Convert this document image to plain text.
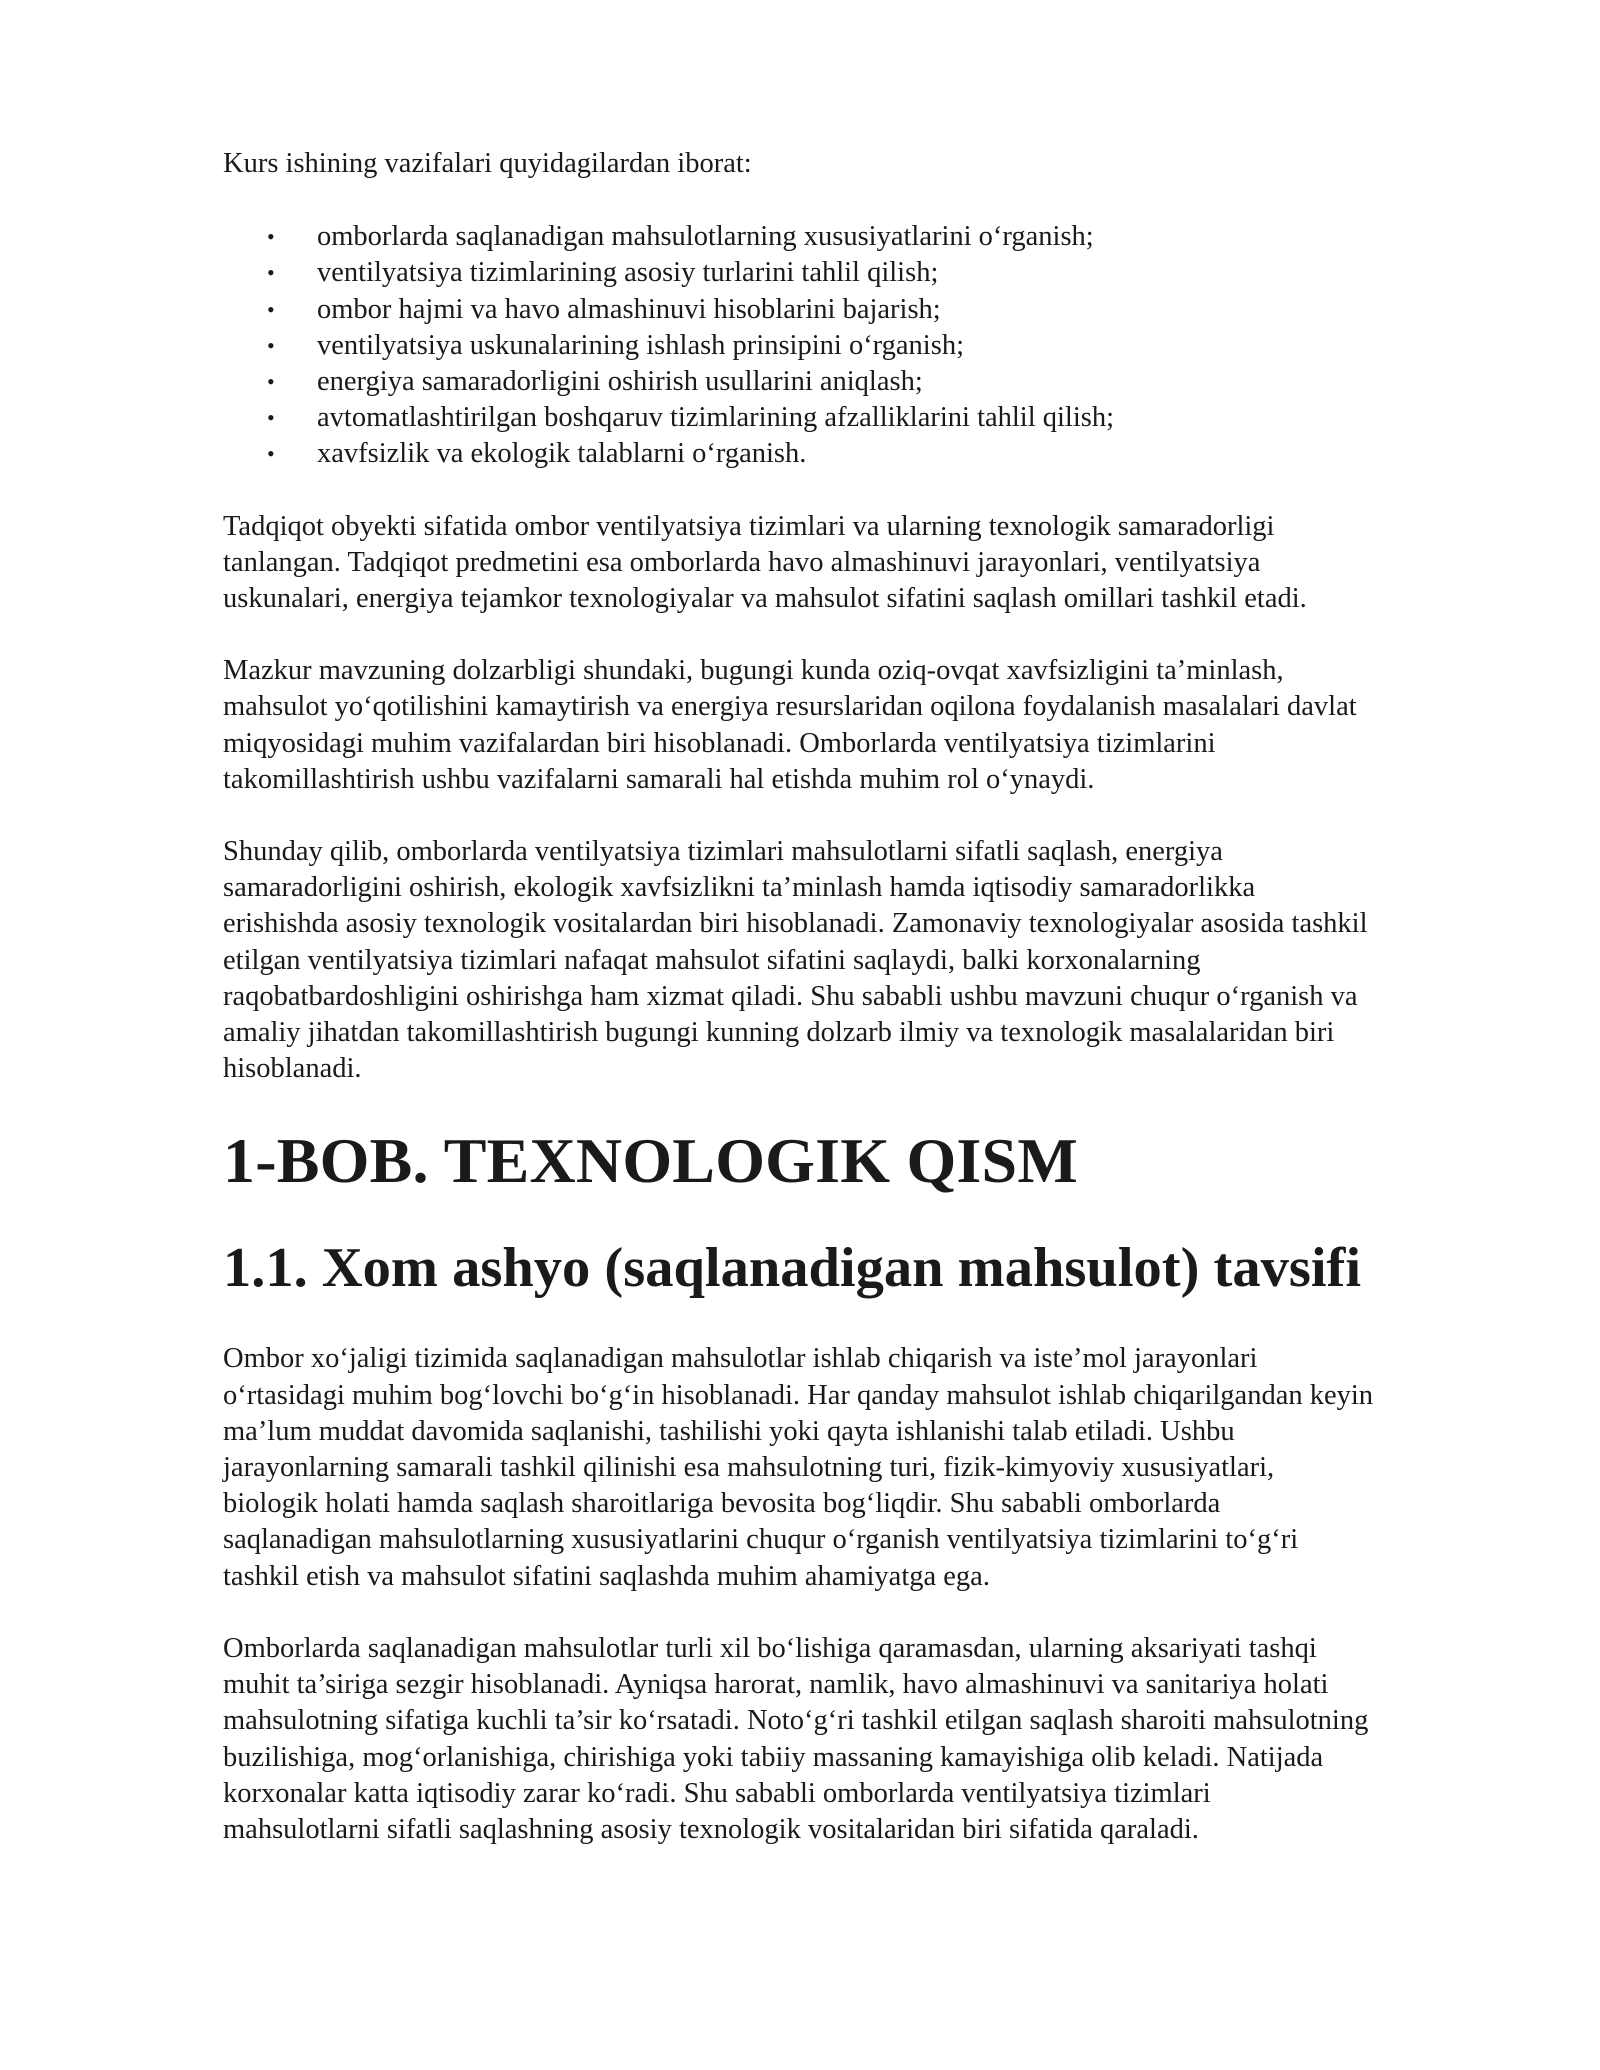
Kurs ishining vazifalari quyidagilardan iborat:

• omborlarda saqlanadigan mahsulotlarning xususiyatlarini o‘rganish;
• ventilyatsiya tizimlarining asosiy turlarini tahlil qilish;
• ombor hajmi va havo almashinuvi hisoblarini bajarish;
• ventilyatsiya uskunalarining ishlash prinsipini o‘rganish;
• energiya samaradorligini oshirish usullarini aniqlash;
• avtomatlashtirilgan boshqaruv tizimlarining afzalliklarini tahlil qilish;
• xavfsizlik va ekologik talablarni o‘rganish.

Tadqiqot obyekti sifatida ombor ventilyatsiya tizimlari va ularning texnologik samaradorligi
tanlangan. Tadqiqot predmetini esa omborlarda havo almashinuvi jarayonlari, ventilyatsiya
uskunalari, energiya tejamkor texnologiyalar va mahsulot sifatini saqlash omillari tashkil etadi.

Mazkur mavzuning dolzarbligi shundaki, bugungi kunda oziq-ovqat xavfsizligini ta’minlash,
mahsulot yo‘qotilishini kamaytirish va energiya resurslaridan oqilona foydalanish masalalari davlat
miqyosidagi muhim vazifalardan biri hisoblanadi. Omborlarda ventilyatsiya tizimlarini
takomillashtirish ushbu vazifalarni samarali hal etishda muhim rol o‘ynaydi.

Shunday qilib, omborlarda ventilyatsiya tizimlari mahsulotlarni sifatli saqlash, energiya
samaradorligini oshirish, ekologik xavfsizlikni ta’minlash hamda iqtisodiy samaradorlikka
erishishda asosiy texnologik vositalardan biri hisoblanadi. Zamonaviy texnologiyalar asosida tashkil
etilgan ventilyatsiya tizimlari nafaqat mahsulot sifatini saqlaydi, balki korxonalarning
raqobatbardoshligini oshirishga ham xizmat qiladi. Shu sababli ushbu mavzuni chuqur o‘rganish va
amaliy jihatdan takomillashtirish bugungi kunning dolzarb ilmiy va texnologik masalalaridan biri
hisoblanadi.

1-BOB. TEXNOLOGIK QISM
1.1. Xom ashyo (saqlanadigan mahsulot) tavsifi

Ombor xo‘jaligi tizimida saqlanadigan mahsulotlar ishlab chiqarish va iste’mol jarayonlari
o‘rtasidagi muhim bog‘lovchi bo‘g‘in hisoblanadi. Har qanday mahsulot ishlab chiqarilgandan keyin
ma’lum muddat davomida saqlanishi, tashilishi yoki qayta ishlanishi talab etiladi. Ushbu
jarayonlarning samarali tashkil qilinishi esa mahsulotning turi, fizik-kimyoviy xususiyatlari,
biologik holati hamda saqlash sharoitlariga bevosita bog‘liqdir. Shu sababli omborlarda
saqlanadigan mahsulotlarning xususiyatlarini chuqur o‘rganish ventilyatsiya tizimlarini to‘g‘ri
tashkil etish va mahsulot sifatini saqlashda muhim ahamiyatga ega.

Omborlarda saqlanadigan mahsulotlar turli xil bo‘lishiga qaramasdan, ularning aksariyati tashqi
muhit ta’siriga sezgir hisoblanadi. Ayniqsa harorat, namlik, havo almashinuvi va sanitariya holati
mahsulotning sifatiga kuchli ta’sir ko‘rsatadi. Noto‘g‘ri tashkil etilgan saqlash sharoiti mahsulotning
buzilishiga, mog‘orlanishiga, chirishiga yoki tabiiy massaning kamayishiga olib keladi. Natijada
korxonalar katta iqtisodiy zarar ko‘radi. Shu sababli omborlarda ventilyatsiya tizimlari
mahsulotlarni sifatli saqlashning asosiy texnologik vositalaridan biri sifatida qaraladi.
